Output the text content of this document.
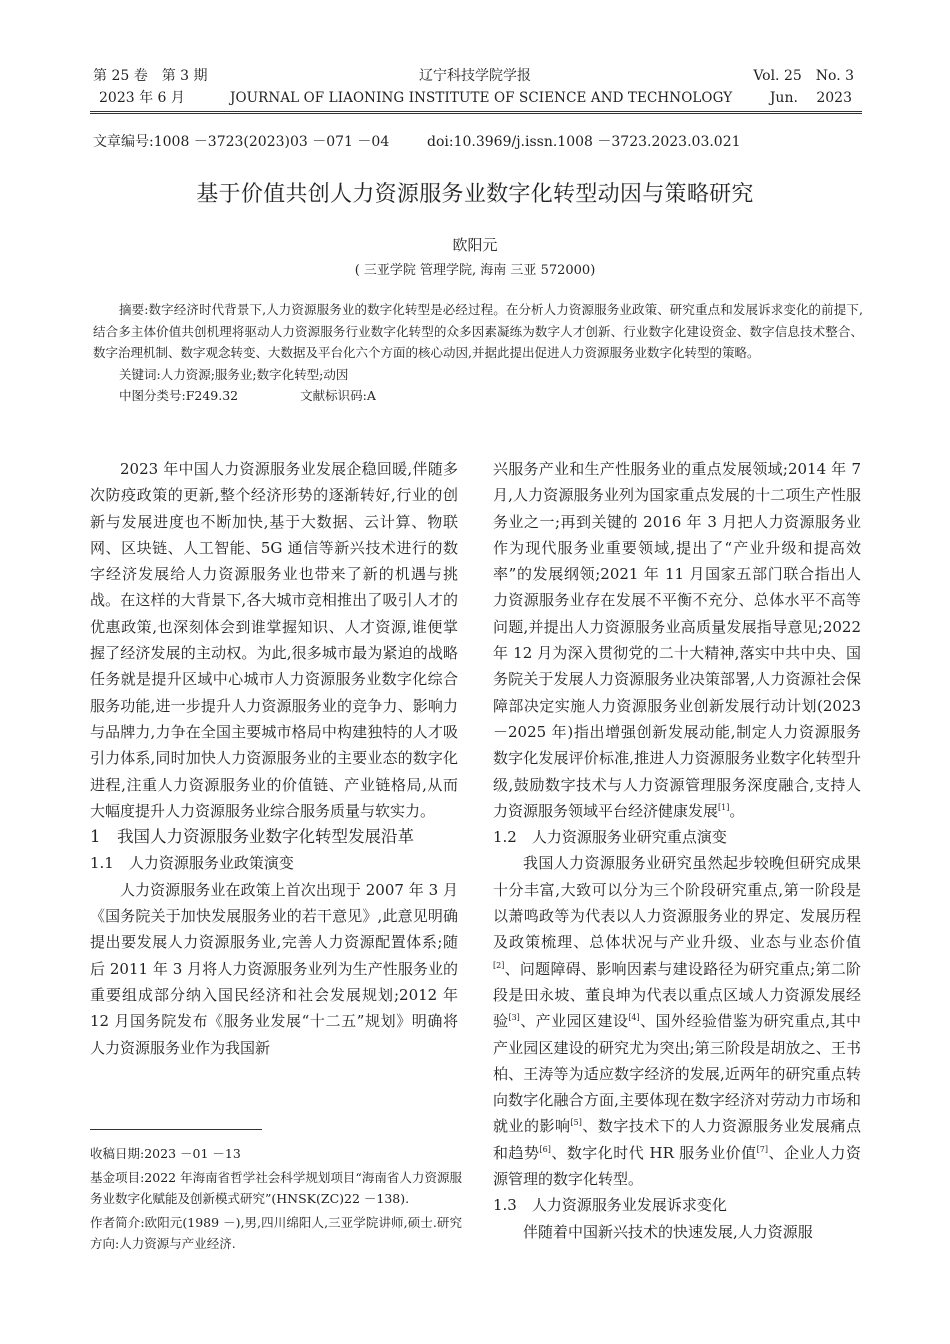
第 25 卷　第 3 期
2023 年 6 月
辽宁科技学院学报
JOURNAL OF LIAONING INSTITUTE OF SCIENCE AND TECHNOLOGY
Vol. 25　No. 3
Jun.　 2023
文章编号:1008 －3723(2023)03 －071 －04	doi:10.3969/j.issn.1008 －3723.2023.03.021
基于价值共创人力资源服务业数字化转型动因与策略研究
欧阳元
( 三亚学院 管理学院, 海南 三亚 572000)

摘要:数字经济时代背景下,人力资源服务业的数字化转型是必经过程。在分析人力资源服务业政策、研究重点和发展诉求变化的前提下,结合多主体价值共创机理将驱动人力资源服务行业数字化转型的众多因素凝练为数字人才创新、行业数字化建设资金、数字信息技术整合、数字治理机制、数字观念转变、大数据及平台化六个方面的核心动因,并据此提出促进人力资源服务业数字化转型的策略。

关键词:人力资源;服务业;数字化转型;动因

中图分类号:F249.32	文献标识码:A

2023 年中国人力资源服务业发展企稳回暖,伴随多次防疫政策的更新,整个经济形势的逐渐转好,行业的创新与发展进度也不断加快,基于大数据、云计算、物联网、区块链、人工智能、5G 通信等新兴技术进行的数字经济发展给人力资源服务业也带来了新的机遇与挑战。在这样的大背景下,各大城市竞相推出了吸引人才的优惠政策,也深刻体会到谁掌握知识、人才资源,谁便掌握了经济发展的主动权。为此,很多城市最为紧迫的战略任务就是提升区域中心城市人力资源服务业数字化综合服务功能,进一步提升人力资源服务业的竞争力、影响力与品牌力,力争在全国主要城市格局中构建独特的人才吸引力体系,同时加快人力资源服务业的主要业态的数字化进程,注重人力资源服务业的价值链、产业链格局,从而大幅度提升人力资源服务业综合服务质量与软实力。

1　我国人力资源服务业数字化转型发展沿革

1.1　人力资源服务业政策演变

人力资源服务业在政策上首次出现于 2007 年 3 月《国务院关于加快发展服务业的若干意见》,此意见明确提出要发展人力资源服务业,完善人力资源配置体系;随后 2011 年 3 月将人力资源服务业列为生产性服务业的重要组成部分纳入国民经济和社会发展规划;2012 年 12 月国务院发布《服务业发展“十二五”规划》明确将人力资源服务业作为我国新

收稿日期:2023 －01 －13

基金项目:2022 年海南省哲学社会科学规划项目“海南省人力资源服务业数字化赋能及创新模式研究”(HNSK(ZC)22 －138).

作者简介:欧阳元(1989 －),男,四川绵阳人,三亚学院讲师,硕士.研究方向:人力资源与产业经济.

兴服务产业和生产性服务业的重点发展领域;2014 年 7 月,人力资源服务业列为国家重点发展的十二项生产性服务业之一;再到关键的 2016 年 3 月把人力资源服务业作为现代服务业重要领域,提出了“产业升级和提高效率”的发展纲领;2021 年 11 月国家五部门联合指出人力资源服务业存在发展不平衡不充分、总体水平不高等问题,并提出人力资源服务业高质量发展指导意见;2022 年 12 月为深入贯彻党的二十大精神,落实中共中央、国务院关于发展人力资源服务业决策部署,人力资源社会保障部决定实施人力资源服务业创新发展行动计划(2023 －2025 年)指出增强创新发展动能,制定人力资源服务数字化发展评价标准,推进人力资源服务业数字化转型升级,鼓励数字技术与人力资源管理服务深度融合,支持人力资源服务领域平台经济健康发展[1]。

1.2　人力资源服务业研究重点演变

我国人力资源服务业研究虽然起步较晚但研究成果十分丰富,大致可以分为三个阶段研究重点,第一阶段是以萧鸣政等为代表以人力资源服务业的界定、发展历程及政策梳理、总体状况与产业升级、业态与业态价值[2]、问题障碍、影响因素与建设路径为研究重点;第二阶段是田永坡、董良坤为代表以重点区域人力资源发展经验[3]、产业园区建设[4]、国外经验借鉴为研究重点,其中产业园区建设的研究尤为突出;第三阶段是胡放之、王书柏、王涛等为适应数字经济的发展,近两年的研究重点转向数字化融合方面,主要体现在数字经济对劳动力市场和就业的影响[5]、数字技术下的人力资源服务业发展痛点和趋势[6]、数字化时代 HR 服务业价值[7]、企业人力资源管理的数字化转型。

1.3　人力资源服务业发展诉求变化

伴随着中国新兴技术的快速发展,人力资源服
